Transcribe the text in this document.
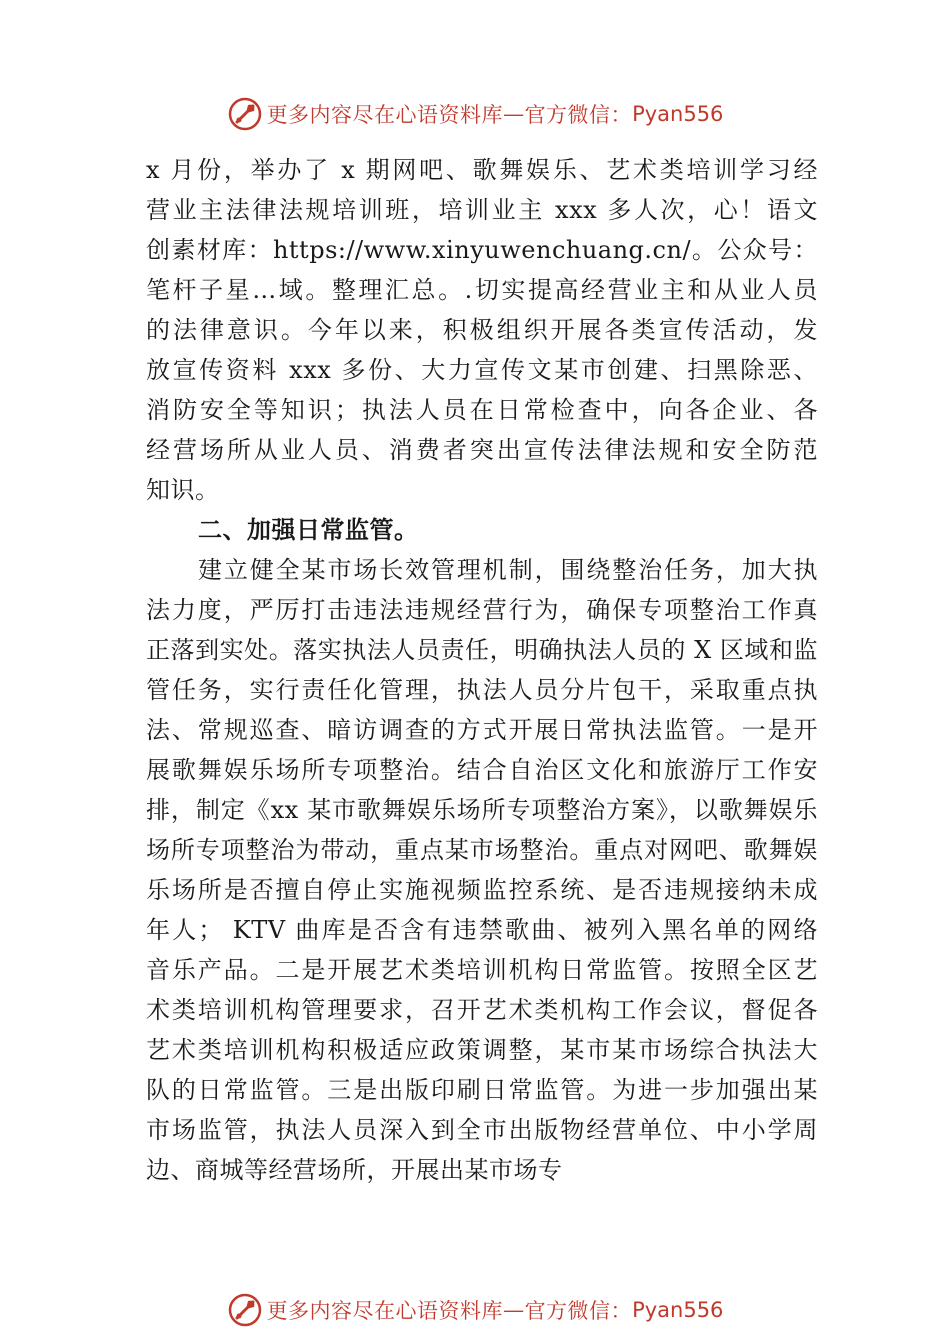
更多内容尽在心语资料库 — 官方微信： Pyan556
x 月份，举办了 x 期网吧、歌舞娱乐、艺术类培训学习经
营业主法律法规培训班，培训业主 xxx 多人次，心！语文
创素材库：https://www.xinyuwenchuang.cn/。公众号：
笔杆子星…域。整理汇总。.切实提高经营业主和从业人员
的法律意识。今年以来，积极组织开展各类宣传活动，发
放宣传资料 xxx 多份、大力宣传文某市创建、扫黑除恶、
消防安全等知识；执法人员在日常检查中，向各企业、各
经营场所从业人员、消费者突出宣传法律法规和安全防范
知识。
二、加强日常监管。
建立健全某市场长效管理机制，围绕整治任务，加大执
法力度，严厉打击违法违规经营行为，确保专项整治工作真
正落到实处。落实执法人员责任，明确执法人员的 X 区域和监
管任务，实行责任化管理，执法人员分片包干，采取重点执
法、常规巡查、暗访调查的方式开展日常执法监管。一是开
展歌舞娱乐场所专项整治。结合自治区文化和旅游厅工作安
排，制定《xx 某市歌舞娱乐场所专项整治方案》，以歌舞娱乐
场所专项整治为带动，重点某市场整治。重点对网吧、歌舞娱
乐场所是否擅自停止实施视频监控系统、是否违规接纳未成
年人； KTV 曲库是否含有违禁歌曲、被列入黑名单的网络
音乐产品。二是开展艺术类培训机构日常监管。按照全区艺
术类培训机构管理要求，召开艺术类机构工作会议，督促各
艺术类培训机构积极适应政策调整，某市某市场综合执法大
队的日常监管。三是出版印刷日常监管。为进一步加强出某
市场监管，执法人员深入到全市出版物经营单位、中小学周
边、商城等经营场所，开展出某市场专
更多内容尽在心语资料库 — 官方微信： Pyan556
